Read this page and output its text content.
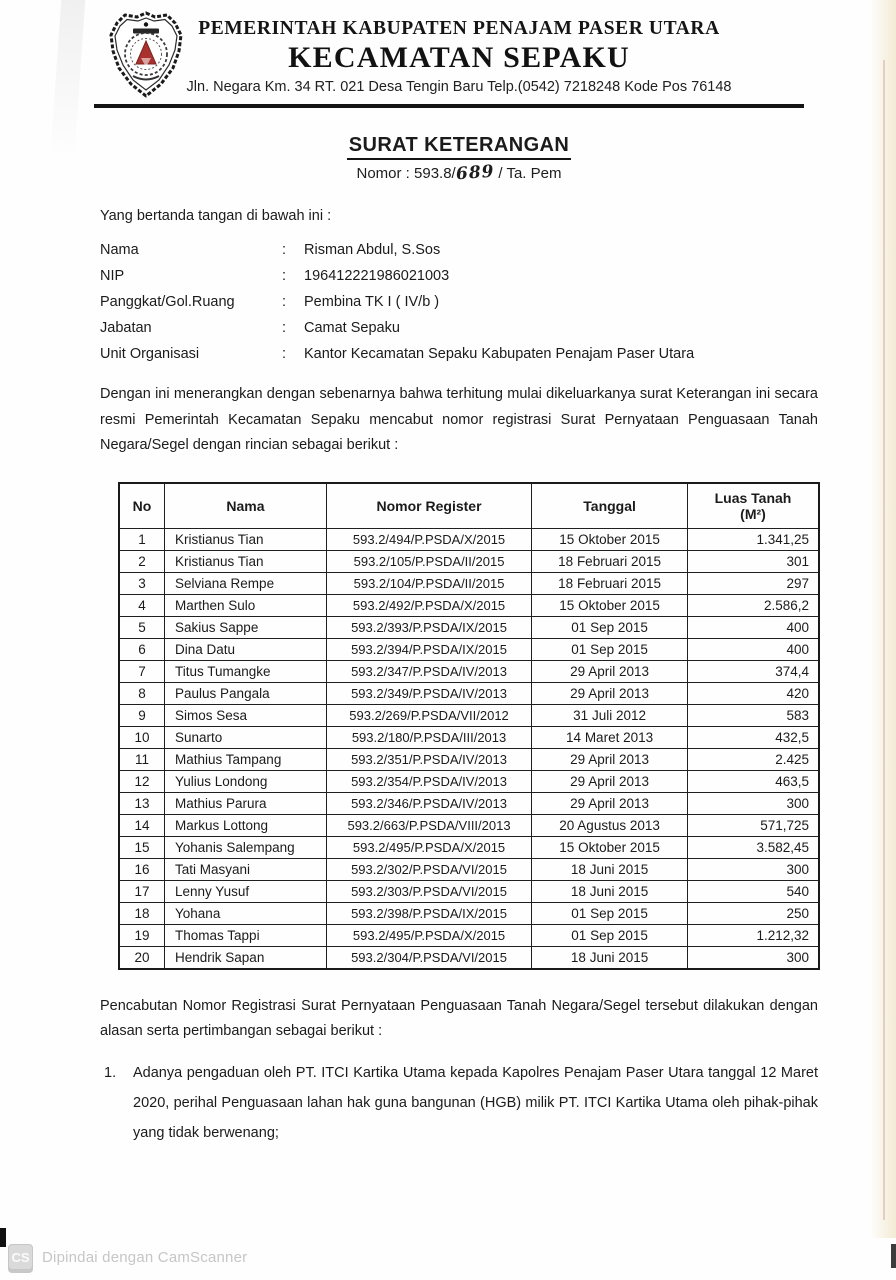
PEMERINTAH KABUPATEN PENAJAM PASER UTARA
KECAMATAN SEPAKU
Jln. Negara Km. 34 RT. 021 Desa Tengin Baru Telp.(0542) 7218248 Kode Pos 76148
SURAT KETERANGAN
Nomor : 593.8/689 / Ta. Pem

Yang bertanda tangan di bawah ini :

Nama	:	Risman Abdul, S.Sos
NIP	:	196412221986021003
Panggkat/Gol.Ruang	:	Pembina TK I ( IV/b )
Jabatan	:	Camat Sepaku
Unit Organisasi	:	Kantor Kecamatan Sepaku Kabupaten Penajam Paser Utara

Dengan ini menerangkan dengan sebenarnya bahwa terhitung mulai dikeluarkanya surat Keterangan ini secara resmi Pemerintah Kecamatan Sepaku mencabut nomor registrasi Surat Pernyataan Penguasaan Tanah Negara/Segel dengan rincian sebagai berikut :

No	Nama	Nomor Register	Tanggal	Luas Tanah
(M²)
1	Kristianus Tian	593.2/494/P.PSDA/X/2015	15 Oktober 2015	1.341,25
2	Kristianus Tian	593.2/105/P.PSDA/II/2015	18 Februari 2015	301
3	Selviana Rempe	593.2/104/P.PSDA/II/2015	18 Februari 2015	297
4	Marthen Sulo	593.2/492/P.PSDA/X/2015	15 Oktober 2015	2.586,2
5	Sakius Sappe	593.2/393/P.PSDA/IX/2015	01 Sep 2015	400
6	Dina Datu	593.2/394/P.PSDA/IX/2015	01 Sep 2015	400
7	Titus Tumangke	593.2/347/P.PSDA/IV/2013	29 April 2013	374,4
8	Paulus Pangala	593.2/349/P.PSDA/IV/2013	29 April 2013	420
9	Simos Sesa	593.2/269/P.PSDA/VII/2012	31 Juli 2012	583
10	Sunarto	593.2/180/P.PSDA/III/2013	14 Maret 2013	432,5
11	Mathius Tampang	593.2/351/P.PSDA/IV/2013	29 April 2013	2.425
12	Yulius Londong	593.2/354/P.PSDA/IV/2013	29 April 2013	463,5
13	Mathius Parura	593.2/346/P.PSDA/IV/2013	29 April 2013	300
14	Markus Lottong	593.2/663/P.PSDA/VIII/2013	20 Agustus 2013	571,725
15	Yohanis Salempang	593.2/495/P.PSDA/X/2015	15 Oktober 2015	3.582,45
16	Tati Masyani	593.2/302/P.PSDA/VI/2015	18 Juni 2015	300
17	Lenny Yusuf	593.2/303/P.PSDA/VI/2015	18 Juni 2015	540
18	Yohana	593.2/398/P.PSDA/IX/2015	01 Sep 2015	250
19	Thomas Tappi	593.2/495/P.PSDA/X/2015	01 Sep 2015	1.212,32
20	Hendrik Sapan	593.2/304/P.PSDA/VI/2015	18 Juni 2015	300

Pencabutan Nomor Registrasi Surat Pernyataan Penguasaan Tanah Negara/Segel tersebut dilakukan dengan alasan serta pertimbangan sebagai berikut :

1.	Adanya pengaduan oleh PT. ITCI Kartika Utama kepada Kapolres Penajam Paser Utara tanggal 12 Maret 2020, perihal Penguasaan lahan hak guna bangunan (HGB) milik PT. ITCI Kartika Utama oleh pihak-pihak yang tidak berwenang;
CS Dipindai dengan CamScanner
